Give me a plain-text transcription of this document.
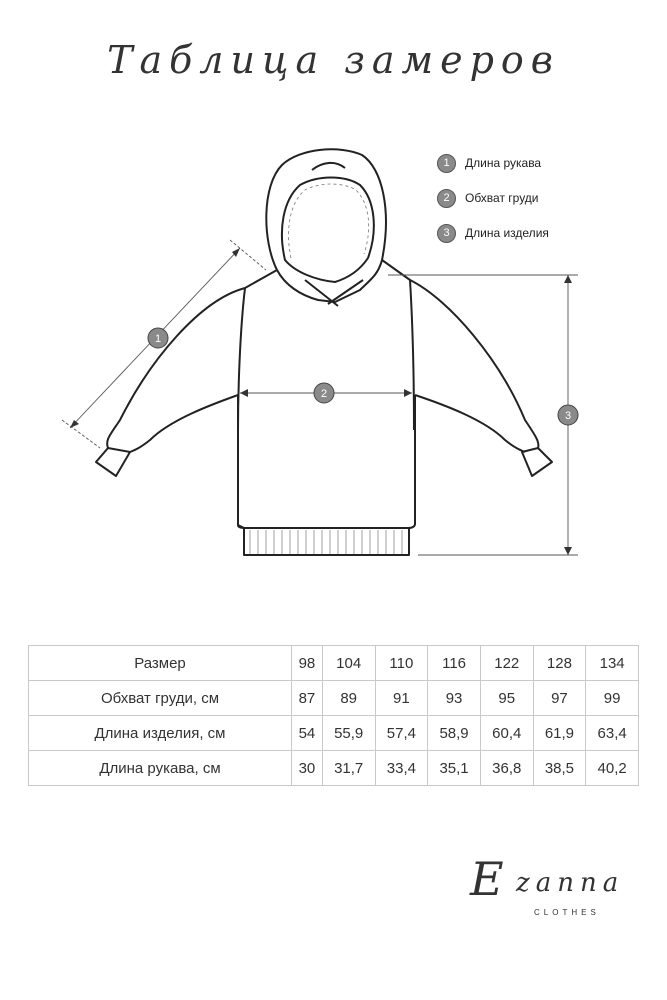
Таблица замеров
1
2
3
1	Длина рукава
2	Обхват груди
3	Длина изделия
Размер	98	104	110	116	122	128	134
Обхват груди, см	87	89	91	93	95	97	99
Длина изделия, см	54	55,9	57,4	58,9	60,4	61,9	63,4
Длина рукава, см	30	31,7	33,4	35,1	36,8	38,5	40,2
E zanna
CLOTHES
